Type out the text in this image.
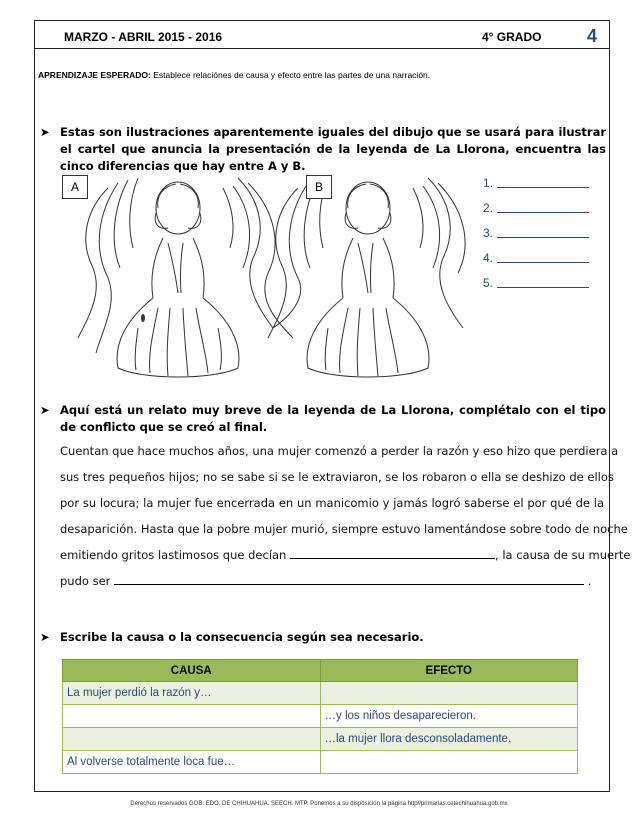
MARZO - ABRIL 2015 - 2016	4° GRADO	4
APRENDIZAJE ESPERADO: Establece relaciónes de causa y efecto entre las partes de una narración.
➤ Estas son ilustraciones aparentemente iguales del dibujo que se usará para ilustrar el cartel que anuncia la presentación de la leyenda de La Llorona, encuentra las cinco diferencias que hay entre A y B.
A	B	1.
2.
3.
4.
5.
➤ Aquí está un relato muy breve de la leyenda de La Llorona, complétalo con el tipo de conflicto que se creó al final.
Cuentan que hace muchos años, una mujer comenzó a perder la razón y eso hizo que perdiera a
sus tres pequeños hijos; no se sabe si se le extraviaron, se los robaron o ella se deshizo de ellos
por su locura; la mujer fue encerrada en un manicomio y jamás logró saberse el por qué de la
desaparición. Hasta que la pobre mujer murió, siempre estuvo lamentándose sobre todo de noche
emitiendo gritos lastimosos que decían	, la causa de su muerte
pudo ser	.
➤ Escribe la causa o la consecuencia según sea necesario.
CAUSA	EFECTO
La mujer perdió la razón y…	
	…y los niños desaparecieron.
	…la mujer llora desconsoladamente.
Al volverse totalmente loca fue…	
Derechos reservados GOB. EDO. DE CHIHUAHUA. SEECH. MTP. Ponemos a su disposición la página http//primarias.cetechihuahua.gob.mx
